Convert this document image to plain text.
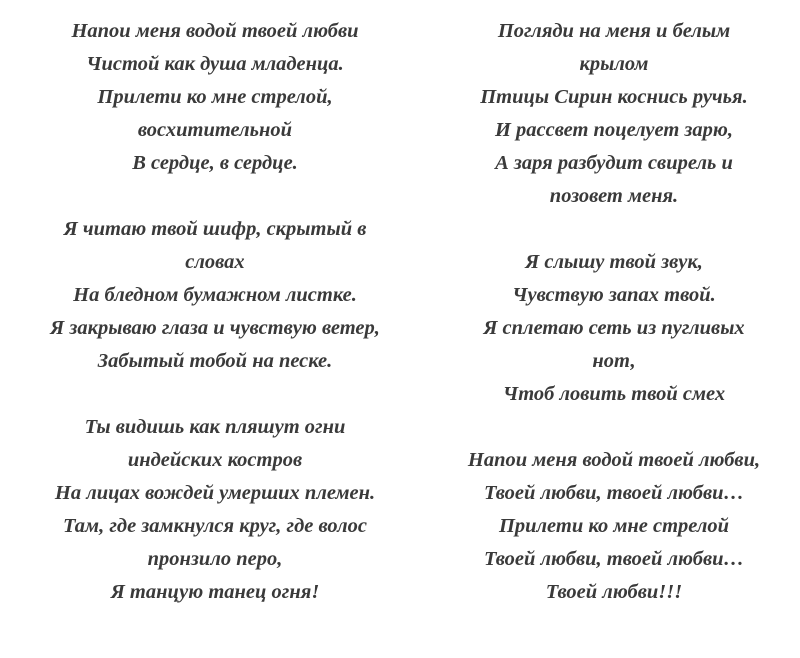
Напои меня водой твоей любви
Чистой как душа младенца.
Прилети ко мне стрелой,
восхитительной
В сердце, в сердце.
Я читаю твой шифр, скрытый в
словах
На бледном бумажном листке.
Я закрываю глаза и чувствую ветер,
Забытый тобой на песке.
Ты видишь как пляшут огни
индейских костров
На лицах вождей умерших племен.
Там, где замкнулся круг, где волос
пронзило перо,
Я танцую танец огня!
Погляди на меня и белым
крылом
Птицы Сирин коснись ручья.
И рассвет поцелует зарю,
А заря разбудит свирель и
позовет меня.
Я слышу твой звук,
Чувствую запах твой.
Я сплетаю сеть из пугливых
нот,
Чтоб ловить твой смех
Напои меня водой твоей любви,
Твоей любви, твоей любви…
Прилети ко мне стрелой
Твоей любви, твоей любви…
Твоей любви!!!
